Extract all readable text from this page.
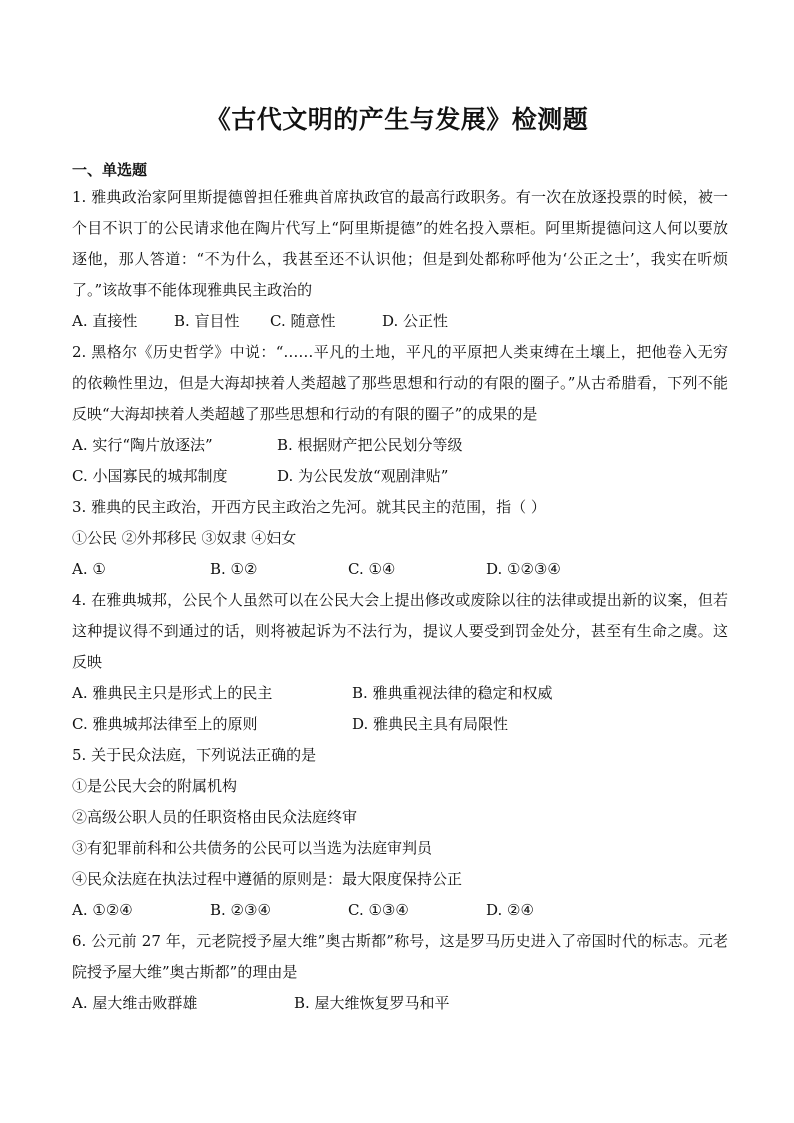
《古代文明的产生与发展》检测题
一、单选题
1. 雅典政治家阿里斯提德曾担任雅典首席执政官的最高行政职务。有一次在放逐投票的时候，被一个目不识丁的公民请求他在陶片代写上“阿里斯提德”的姓名投入票柜。阿里斯提德问这人何以要放逐他，那人答道：“不为什么，我甚至还不认识他；但是到处都称呼他为‘公正之士’，我实在听烦了。”该故事不能体现雅典民主政治的
A. 直接性	B. 盲目性	C. 随意性	D. 公正性
2. 黑格尔《历史哲学》中说：“……平凡的土地，平凡的平原把人类束缚在土壤上，把他卷入无穷的依赖性里边，但是大海却挟着人类超越了那些思想和行动的有限的圈子。”从古希腊看，下列不能反映“大海却挟着人类超越了那些思想和行动的有限的圈子”的成果的是
A. 实行“陶片放逐法”	B. 根据财产把公民划分等级
C. 小国寡民的城邦制度	D. 为公民发放“观剧津贴”
3. 雅典的民主政治，开西方民主政治之先河。就其民主的范围，指（ ）
①公民 ②外邦移民 ③奴隶 ④妇女
A. ①	B. ①②	C. ①④	D. ①②③④
4. 在雅典城邦，公民个人虽然可以在公民大会上提出修改或废除以往的法律或提出新的议案，但若这种提议得不到通过的话，则将被起诉为不法行为，提议人要受到罚金处分，甚至有生命之虞。这反映
A. 雅典民主只是形式上的民主	B. 雅典重视法律的稳定和权威
C. 雅典城邦法律至上的原则	D. 雅典民主具有局限性
5. 关于民众法庭，下列说法正确的是
①是公民大会的附属机构
②高级公职人员的任职资格由民众法庭终审
③有犯罪前科和公共债务的公民可以当选为法庭审判员
④民众法庭在执法过程中遵循的原则是：最大限度保持公正
A. ①②④	B. ②③④	C. ①③④	D. ②④
6. 公元前 27 年，元老院授予屋大维”奥古斯都”称号，这是罗马历史进入了帝国时代的标志。元老院授予屋大维”奥古斯都”的理由是
A. 屋大维击败群雄	B. 屋大维恢复罗马和平
